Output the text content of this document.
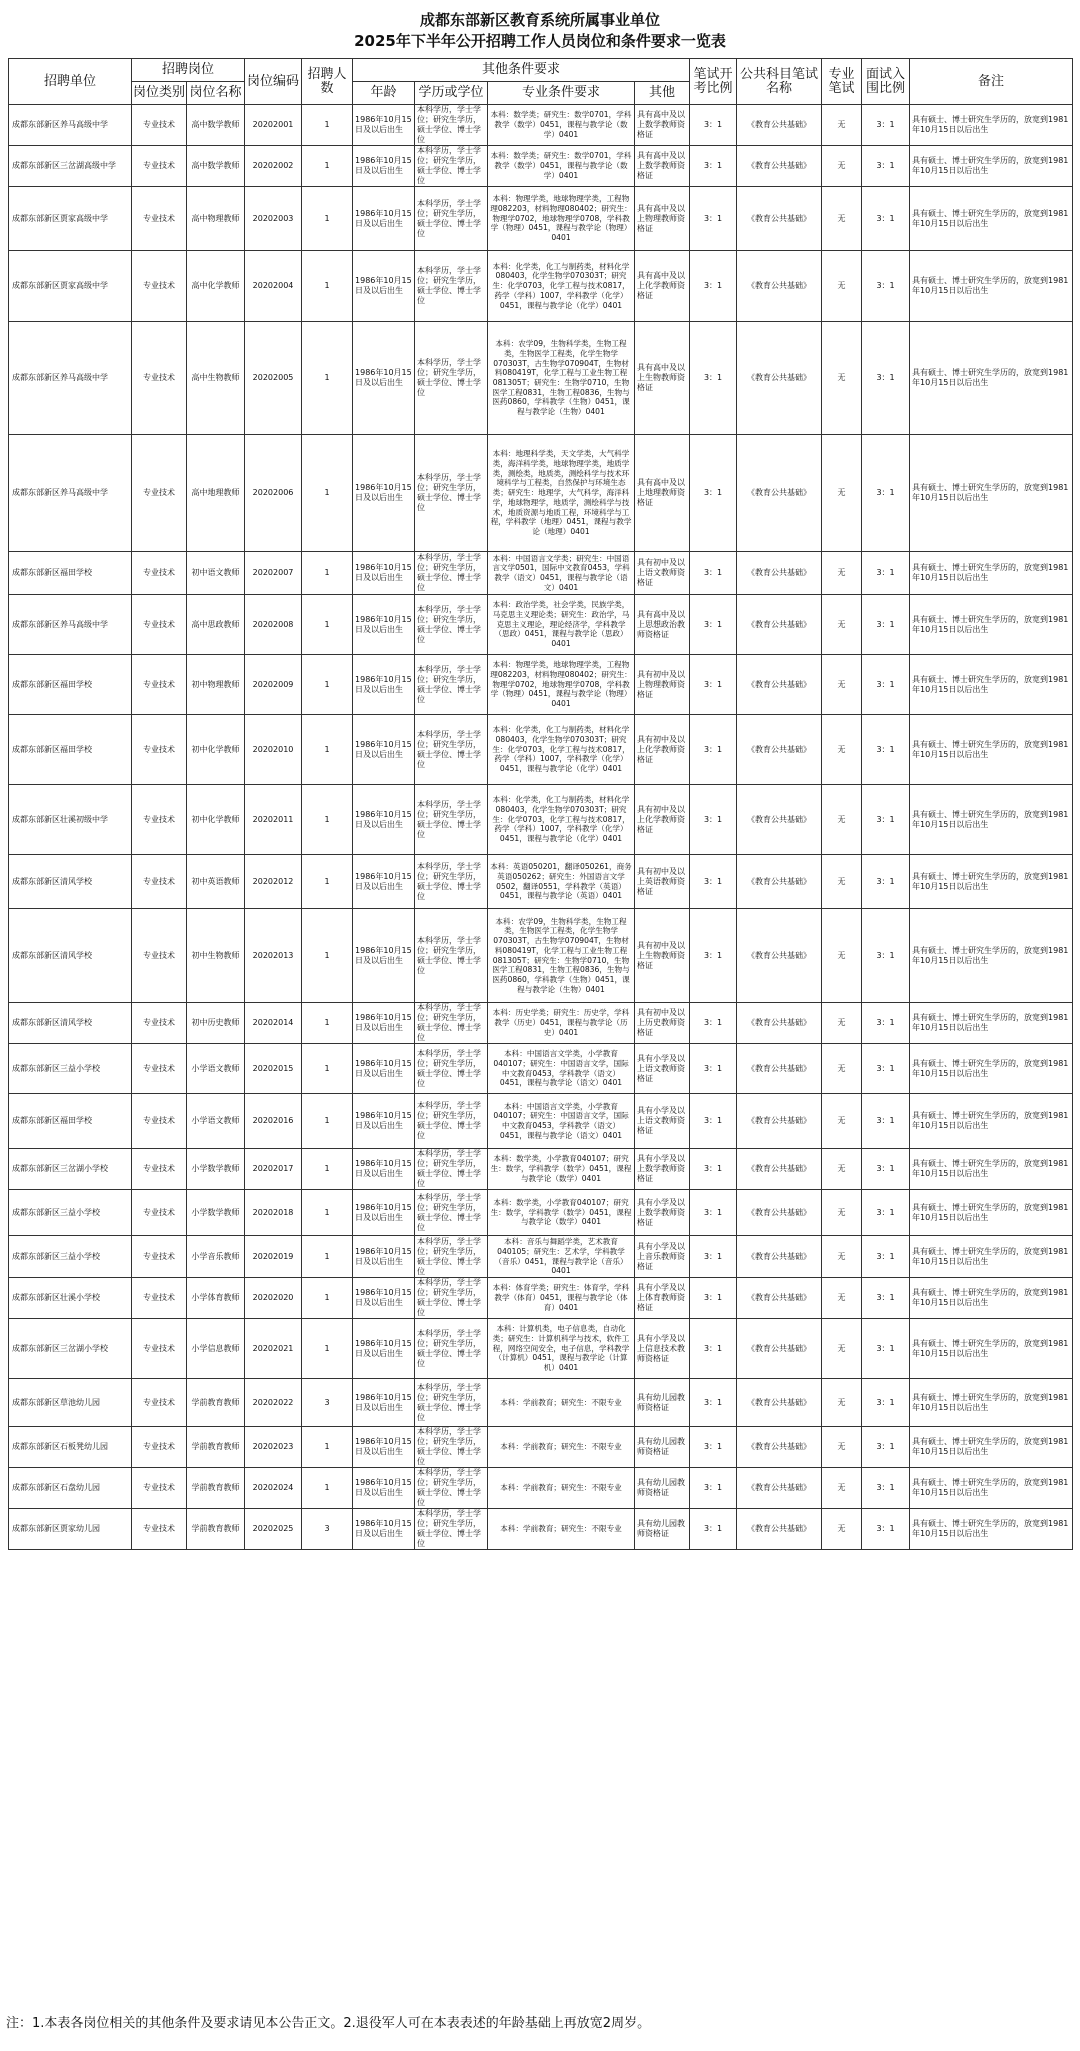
成都东部新区教育系统所属事业单位
2025年下半年公开招聘工作人员岗位和条件要求一览表
招聘单位	招聘岗位		岗位编码	招聘人数	其他条件要求				笔试开考比例	公共科目笔试名称	专业笔试	面试入围比例	备注
	岗位类别	岗位名称			年龄	学历或学位	专业条件要求	其他					
成都东部新区养马高级中学	专业技术	高中数学教师	20202001	1	1986年10月15日及以后出生	本科学历，学士学位；研究生学历，硕士学位、博士学位	本科：数学类；研究生：数学0701，学科教学（数学）0451，课程与教学论（数学）0401	具有高中及以上数学教师资格证	3：1	《教育公共基础》	无	3：1	具有硕士、博士研究生学历的，放宽到1981年10月15日以后出生
成都东部新区三岔湖高级中学	专业技术	高中数学教师	20202002	1	1986年10月15日及以后出生	本科学历，学士学位；研究生学历，硕士学位、博士学位	本科：数学类；研究生：数学0701，学科教学（数学）0451，课程与教学论（数学）0401	具有高中及以上数学教师资格证	3：1	《教育公共基础》	无	3：1	具有硕士、博士研究生学历的，放宽到1981年10月15日以后出生
成都东部新区贾家高级中学	专业技术	高中物理教师	20202003	1	1986年10月15日及以后出生	本科学历，学士学位；研究生学历，硕士学位、博士学位	本科：物理学类，地球物理学类，工程物理082203，材料物理080402；研究生：物理学0702，地球物理学0708，学科教学（物理）0451，课程与教学论（物理）0401	具有高中及以上物理教师资格证	3：1	《教育公共基础》	无	3：1	具有硕士、博士研究生学历的，放宽到1981年10月15日以后出生
成都东部新区贾家高级中学	专业技术	高中化学教师	20202004	1	1986年10月15日及以后出生	本科学历，学士学位；研究生学历，硕士学位、博士学位	本科：化学类，化工与制药类，材料化学080403，化学生物学070303T；研究生：化学0703，化学工程与技术0817，药学（学科）1007，学科教学（化学）0451，课程与教学论（化学）0401	具有高中及以上化学教师资格证	3：1	《教育公共基础》	无	3：1	具有硕士、博士研究生学历的，放宽到1981年10月15日以后出生
成都东部新区养马高级中学	专业技术	高中生物教师	20202005	1	1986年10月15日及以后出生	本科学历，学士学位；研究生学历，硕士学位、博士学位	本科：农学09，生物科学类，生物工程类，生物医学工程类，化学生物学070303T，古生物学070904T，生物材料080419T，化学工程与工业生物工程081305T；研究生：生物学0710，生物医学工程0831，生物工程0836，生物与医药0860，学科教学（生物）0451，课程与教学论（生物）0401	具有高中及以上生物教师资格证	3：1	《教育公共基础》	无	3：1	具有硕士、博士研究生学历的，放宽到1981年10月15日以后出生
成都东部新区养马高级中学	专业技术	高中地理教师	20202006	1	1986年10月15日及以后出生	本科学历，学士学位；研究生学历，硕士学位、博士学位	本科：地理科学类，天文学类，大气科学类，海洋科学类，地球物理学类，地质学类，测绘类，地质类，测绘科学与技术环境科学与工程类，自然保护与环境生态类；研究生：地理学，大气科学，海洋科学，地球物理学，地质学，测绘科学与技术，地质资源与地质工程，环境科学与工程，学科教学（地理）0451，课程与教学论（地理）0401	具有高中及以上地理教师资格证	3：1	《教育公共基础》	无	3：1	具有硕士、博士研究生学历的，放宽到1981年10月15日以后出生
成都东部新区福田学校	专业技术	初中语文教师	20202007	1	1986年10月15日及以后出生	本科学历，学士学位；研究生学历，硕士学位、博士学位	本科：中国语言文学类；研究生：中国语言文学0501，国际中文教育0453，学科教学（语文）0451，课程与教学论（语文）0401	具有初中及以上语文教师资格证	3：1	《教育公共基础》	无	3：1	具有硕士、博士研究生学历的，放宽到1981年10月15日以后出生
成都东部新区养马高级中学	专业技术	高中思政教师	20202008	1	1986年10月15日及以后出生	本科学历，学士学位；研究生学历，硕士学位、博士学位	本科：政治学类，社会学类，民族学类，马克思主义理论类；研究生：政治学，马克思主义理论，理论经济学，学科教学（思政）0451，课程与教学论（思政）0401	具有高中及以上思想政治教师资格证	3：1	《教育公共基础》	无	3：1	具有硕士、博士研究生学历的，放宽到1981年10月15日以后出生
成都东部新区福田学校	专业技术	初中物理教师	20202009	1	1986年10月15日及以后出生	本科学历，学士学位；研究生学历，硕士学位、博士学位	本科：物理学类，地球物理学类，工程物理082203，材料物理080402；研究生：物理学0702，地球物理学0708，学科教学（物理）0451，课程与教学论（物理）0401	具有初中及以上物理教师资格证	3：1	《教育公共基础》	无	3：1	具有硕士、博士研究生学历的，放宽到1981年10月15日以后出生
成都东部新区福田学校	专业技术	初中化学教师	20202010	1	1986年10月15日及以后出生	本科学历，学士学位；研究生学历，硕士学位、博士学位	本科：化学类，化工与制药类，材料化学080403，化学生物学070303T；研究生：化学0703，化学工程与技术0817，药学（学科）1007，学科教学（化学）0451，课程与教学论（化学）0401	具有初中及以上化学教师资格证	3：1	《教育公共基础》	无	3：1	具有硕士、博士研究生学历的，放宽到1981年10月15日以后出生
成都东部新区壮溪初级中学	专业技术	初中化学教师	20202011	1	1986年10月15日及以后出生	本科学历，学士学位；研究生学历，硕士学位、博士学位	本科：化学类，化工与制药类，材料化学080403，化学生物学070303T；研究生：化学0703，化学工程与技术0817，药学（学科）1007，学科教学（化学）0451，课程与教学论（化学）0401	具有初中及以上化学教师资格证	3：1	《教育公共基础》	无	3：1	具有硕士、博士研究生学历的，放宽到1981年10月15日以后出生
成都东部新区清风学校	专业技术	初中英语教师	20202012	1	1986年10月15日及以后出生	本科学历，学士学位；研究生学历，硕士学位、博士学位	本科：英语050201，翻译050261，商务英语050262；研究生：外国语言文学0502，翻译0551，学科教学（英语）0451，课程与教学论（英语）0401	具有初中及以上英语教师资格证	3：1	《教育公共基础》	无	3：1	具有硕士、博士研究生学历的，放宽到1981年10月15日以后出生
成都东部新区清风学校	专业技术	初中生物教师	20202013	1	1986年10月15日及以后出生	本科学历，学士学位；研究生学历，硕士学位、博士学位	本科：农学09，生物科学类，生物工程类，生物医学工程类，化学生物学070303T，古生物学070904T，生物材料080419T，化学工程与工业生物工程081305T；研究生：生物学0710，生物医学工程0831，生物工程0836，生物与医药0860，学科教学（生物）0451，课程与教学论（生物）0401	具有初中及以上生物教师资格证	3：1	《教育公共基础》	无	3：1	具有硕士、博士研究生学历的，放宽到1981年10月15日以后出生
成都东部新区清风学校	专业技术	初中历史教师	20202014	1	1986年10月15日及以后出生	本科学历，学士学位；研究生学历，硕士学位、博士学位	本科：历史学类；研究生：历史学，学科教学（历史）0451，课程与教学论（历史）0401	具有初中及以上历史教师资格证	3：1	《教育公共基础》	无	3：1	具有硕士、博士研究生学历的，放宽到1981年10月15日以后出生
成都东部新区三益小学校	专业技术	小学语文教师	20202015	1	1986年10月15日及以后出生	本科学历，学士学位；研究生学历，硕士学位、博士学位	本科：中国语言文学类，小学教育040107；研究生：中国语言文学，国际中文教育0453，学科教学（语文）0451，课程与教学论（语文）0401	具有小学及以上语文教师资格证	3：1	《教育公共基础》	无	3：1	具有硕士、博士研究生学历的，放宽到1981年10月15日以后出生
成都东部新区福田学校	专业技术	小学语文教师	20202016	1	1986年10月15日及以后出生	本科学历，学士学位；研究生学历，硕士学位、博士学位	本科：中国语言文学类，小学教育040107；研究生：中国语言文学，国际中文教育0453，学科教学（语文）0451，课程与教学论（语文）0401	具有小学及以上语文教师资格证	3：1	《教育公共基础》	无	3：1	具有硕士、博士研究生学历的，放宽到1981年10月15日以后出生
成都东部新区三岔湖小学校	专业技术	小学数学教师	20202017	1	1986年10月15日及以后出生	本科学历，学士学位；研究生学历，硕士学位、博士学位	本科：数学类，小学教育040107；研究生：数学，学科教学（数学）0451，课程与教学论（数学）0401	具有小学及以上数学教师资格证	3：1	《教育公共基础》	无	3：1	具有硕士、博士研究生学历的，放宽到1981年10月15日以后出生
成都东部新区三益小学校	专业技术	小学数学教师	20202018	1	1986年10月15日及以后出生	本科学历，学士学位；研究生学历，硕士学位、博士学位	本科：数学类，小学教育040107；研究生：数学，学科教学（数学）0451，课程与教学论（数学）0401	具有小学及以上数学教师资格证	3：1	《教育公共基础》	无	3：1	具有硕士、博士研究生学历的，放宽到1981年10月15日以后出生
成都东部新区三益小学校	专业技术	小学音乐教师	20202019	1	1986年10月15日及以后出生	本科学历，学士学位；研究生学历，硕士学位、博士学位	本科：音乐与舞蹈学类，艺术教育040105；研究生：艺术学，学科教学（音乐）0451，课程与教学论（音乐）0401	具有小学及以上音乐教师资格证	3：1	《教育公共基础》	无	3：1	具有硕士、博士研究生学历的，放宽到1981年10月15日以后出生
成都东部新区壮溪小学校	专业技术	小学体育教师	20202020	1	1986年10月15日及以后出生	本科学历，学士学位；研究生学历，硕士学位、博士学位	本科：体育学类；研究生：体育学，学科教学（体育）0451，课程与教学论（体育）0401	具有小学及以上体育教师资格证	3：1	《教育公共基础》	无	3：1	具有硕士、博士研究生学历的，放宽到1981年10月15日以后出生
成都东部新区三岔湖小学校	专业技术	小学信息教师	20202021	1	1986年10月15日及以后出生	本科学历，学士学位；研究生学历，硕士学位、博士学位	本科：计算机类，电子信息类，自动化类；研究生：计算机科学与技术，软件工程，网络空间安全，电子信息，学科教学（计算机）0451，课程与教学论（计算机）0401	具有小学及以上信息技术教师资格证	3：1	《教育公共基础》	无	3：1	具有硕士、博士研究生学历的，放宽到1981年10月15日以后出生
成都东部新区草池幼儿园	专业技术	学前教育教师	20202022	3	1986年10月15日及以后出生	本科学历，学士学位；研究生学历，硕士学位、博士学位	本科：学前教育；研究生：不限专业	具有幼儿园教师资格证	3：1	《教育公共基础》	无	3：1	具有硕士、博士研究生学历的，放宽到1981年10月15日以后出生
成都东部新区石板凳幼儿园	专业技术	学前教育教师	20202023	1	1986年10月15日及以后出生	本科学历，学士学位；研究生学历，硕士学位、博士学位	本科：学前教育；研究生：不限专业	具有幼儿园教师资格证	3：1	《教育公共基础》	无	3：1	具有硕士、博士研究生学历的，放宽到1981年10月15日以后出生
成都东部新区石盘幼儿园	专业技术	学前教育教师	20202024	1	1986年10月15日及以后出生	本科学历，学士学位；研究生学历，硕士学位、博士学位	本科：学前教育；研究生：不限专业	具有幼儿园教师资格证	3：1	《教育公共基础》	无	3：1	具有硕士、博士研究生学历的，放宽到1981年10月15日以后出生
成都东部新区贾家幼儿园	专业技术	学前教育教师	20202025	3	1986年10月15日及以后出生	本科学历，学士学位；研究生学历，硕士学位、博士学位	本科：学前教育；研究生：不限专业	具有幼儿园教师资格证	3：1	《教育公共基础》	无	3：1	具有硕士、博士研究生学历的，放宽到1981年10月15日以后出生
注：1.本表各岗位相关的其他条件及要求请见本公告正文。2.退役军人可在本表表述的年龄基础上再放宽2周岁。
